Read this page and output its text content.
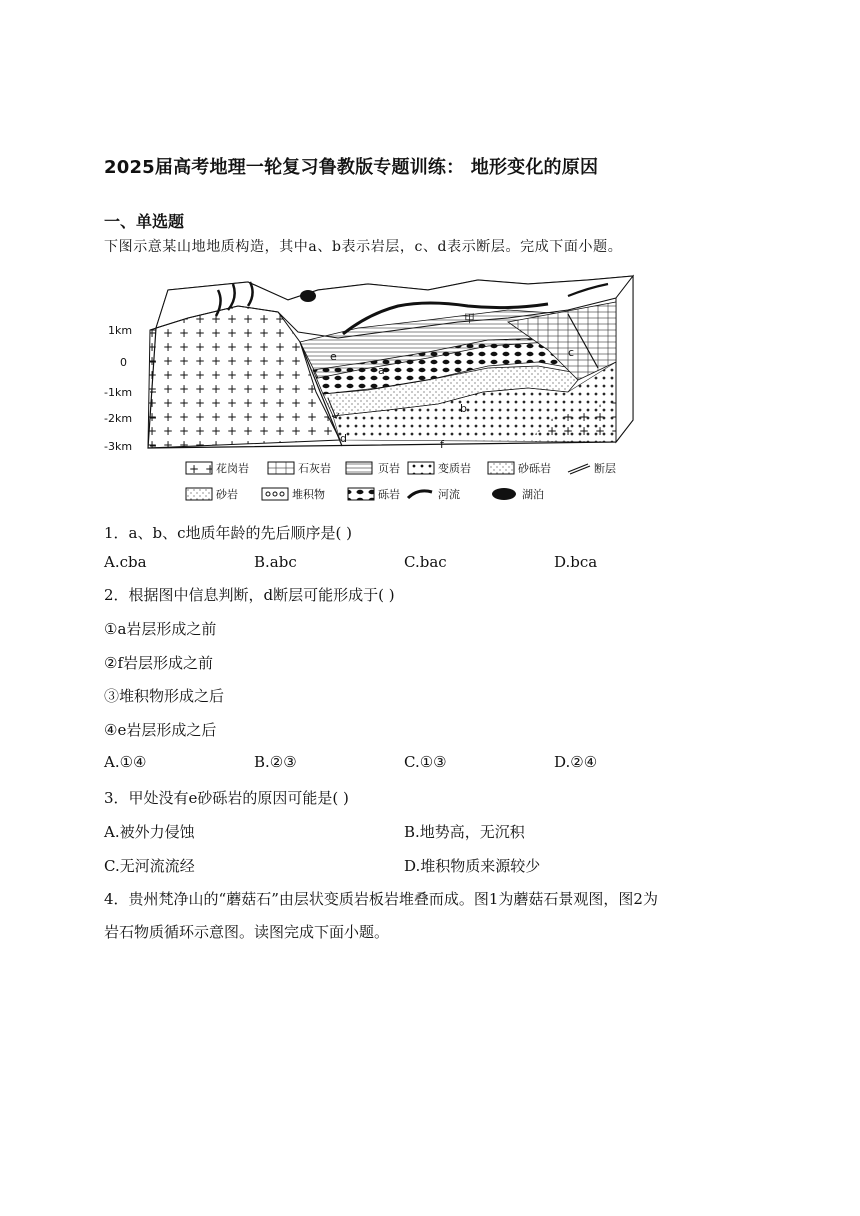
2025届高考地理一轮复习鲁教版专题训练： 地形变化的原因
一、单选题
下图示意某山地地质构造，其中a、b表示岩层，c、d表示断层。完成下面小题。
1km
0
-1km
-2km
-3km
甲
a
b
c
d
e
f
花岗岩	石灰岩	页岩	变质岩	砂砾岩	断层
砂岩	堆积物	砾岩	河流	湖泊
1．a、b、c地质年龄的先后顺序是( )
A.cba	B.abc	C.bac	D.bca
2．根据图中信息判断，d断层可能形成于( )
①a岩层形成之前
②f岩层形成之前
③堆积物形成之后
④e岩层形成之后
A.①④	B.②③	C.①③	D.②④
3．甲处没有e砂砾岩的原因可能是( )
A.被外力侵蚀	B.地势高，无沉积
C.无河流流经	D.堆积物质来源较少
4．贵州梵净山的“蘑菇石”由层状变质岩板岩堆叠而成。图1为蘑菇石景观图，图2为
岩石物质循环示意图。读图完成下面小题。
